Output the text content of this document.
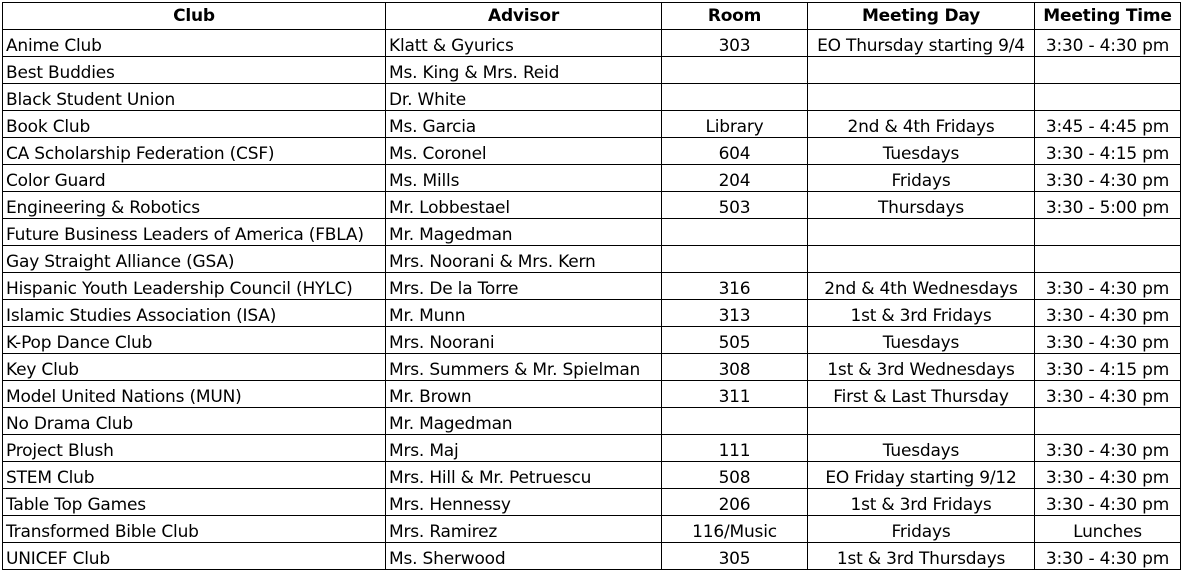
Club	Advisor	Room	Meeting Day	Meeting Time
Anime Club	Klatt & Gyurics	303	EO Thursday starting 9/4	3:30 - 4:30 pm
Best Buddies	Ms. King & Mrs. Reid			
Black Student Union	Dr. White			
Book Club	Ms. Garcia	Library	2nd & 4th Fridays	3:45 - 4:45 pm
CA Scholarship Federation (CSF)	Ms. Coronel	604	Tuesdays	3:30 - 4:15 pm
Color Guard	Ms. Mills	204	Fridays	3:30 - 4:30 pm
Engineering & Robotics	Mr. Lobbestael	503	Thursdays	3:30 - 5:00 pm
Future Business Leaders of America (FBLA)	Mr. Magedman			
Gay Straight Alliance (GSA)	Mrs. Noorani & Mrs. Kern			
Hispanic Youth Leadership Council (HYLC)	Mrs. De la Torre	316	2nd & 4th Wednesdays	3:30 - 4:30 pm
Islamic Studies Association (ISA)	Mr. Munn	313	1st & 3rd Fridays	3:30 - 4:30 pm
K-Pop Dance Club	Mrs. Noorani	505	Tuesdays	3:30 - 4:30 pm
Key Club	Mrs. Summers & Mr. Spielman	308	1st & 3rd Wednesdays	3:30 - 4:15 pm
Model United Nations (MUN)	Mr. Brown	311	First & Last Thursday	3:30 - 4:30 pm
No Drama Club	Mr. Magedman			
Project Blush	Mrs. Maj	111	Tuesdays	3:30 - 4:30 pm
STEM Club	Mrs. Hill & Mr. Petruescu	508	EO Friday starting 9/12	3:30 - 4:30 pm
Table Top Games	Mrs. Hennessy	206	1st & 3rd Fridays	3:30 - 4:30 pm
Transformed Bible Club	Mrs. Ramirez	116/Music	Fridays	Lunches
UNICEF Club	Ms. Sherwood	305	1st & 3rd Thursdays	3:30 - 4:30 pm
